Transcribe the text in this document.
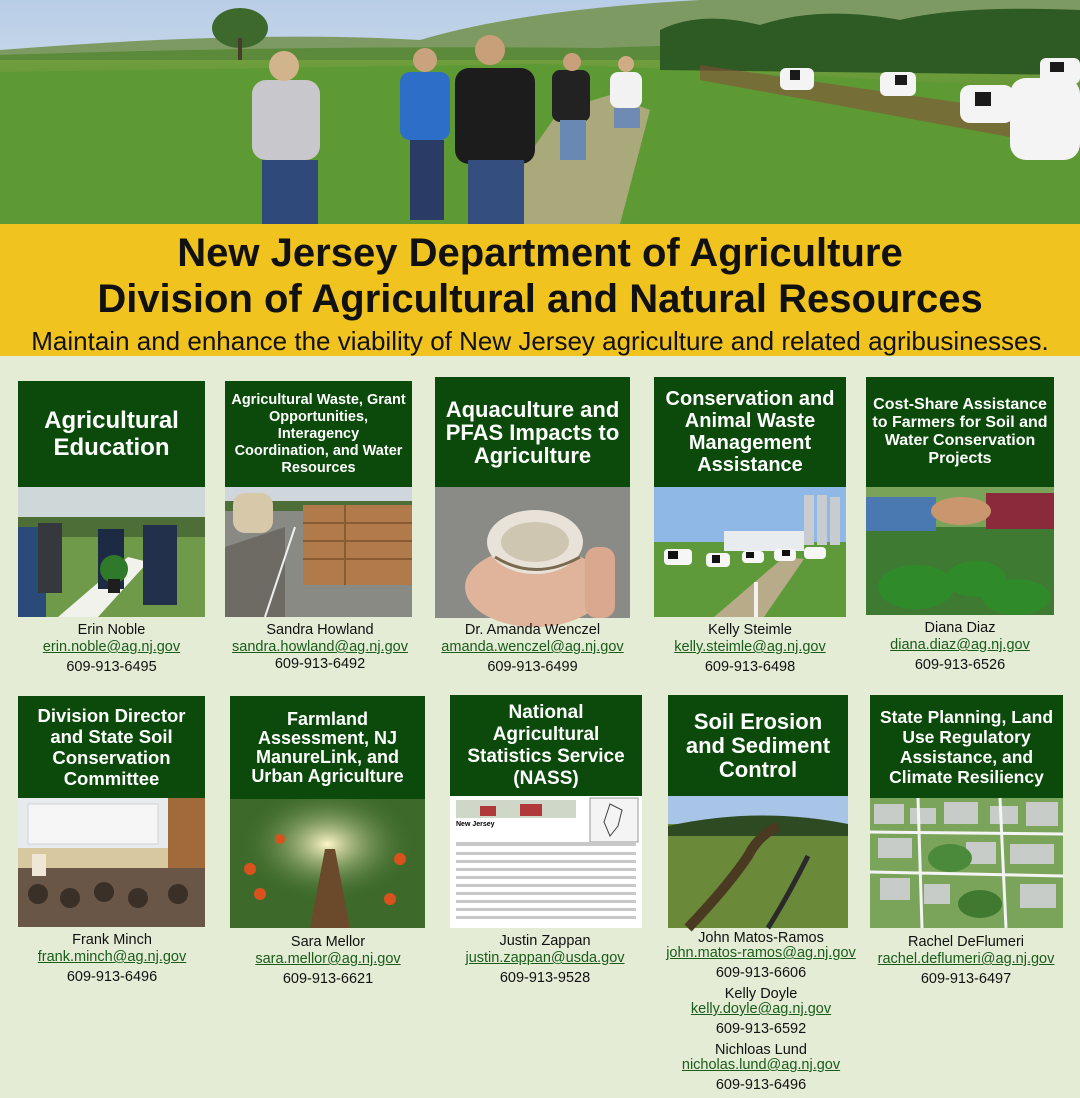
New Jersey Department of Agriculture
Division of Agricultural and Natural Resources

Maintain and enhance the viability of New Jersey agriculture and related agribusinesses.

Agricultural Education
Erin Noble
erin.noble@ag.nj.gov
609-913-6495
Agricultural Waste, Grant Opportunities, Interagency Coordination, and Water Resources
Sandra Howland
sandra.howland@ag.nj.gov
609-913-6492
Aquaculture and PFAS Impacts to Agriculture
Dr. Amanda Wenczel
amanda.wenczel@ag.nj.gov
609-913-6499
Conservation and Animal Waste Management Assistance
Kelly Steimle
kelly.steimle@ag.nj.gov
609-913-6498
Cost-Share Assistance to Farmers for Soil and Water Conservation Projects
Diana Diaz
diana.diaz@ag.nj.gov
609-913-6526
Division Director and State Soil Conservation Committee
Frank Minch
frank.minch@ag.nj.gov
609-913-6496
Farmland Assessment, NJ ManureLink, and Urban Agriculture
Sara Mellor
sara.mellor@ag.nj.gov
609-913-6621
National Agricultural Statistics Service (NASS)
New Jersey
Justin Zappan
justin.zappan@usda.gov
609-913-9528
Soil Erosion and Sediment Control
John Matos-Ramos
john.matos-ramos@ag.nj.gov
609-913-6606
Kelly Doyle
kelly.doyle@ag.nj.gov
609-913-6592
Nichloas Lund
nicholas.lund@ag.nj.gov
609-913-6496
State Planning, Land Use Regulatory Assistance, and Climate Resiliency
Rachel DeFlumeri
rachel.deflumeri@ag.nj.gov
609-913-6497
